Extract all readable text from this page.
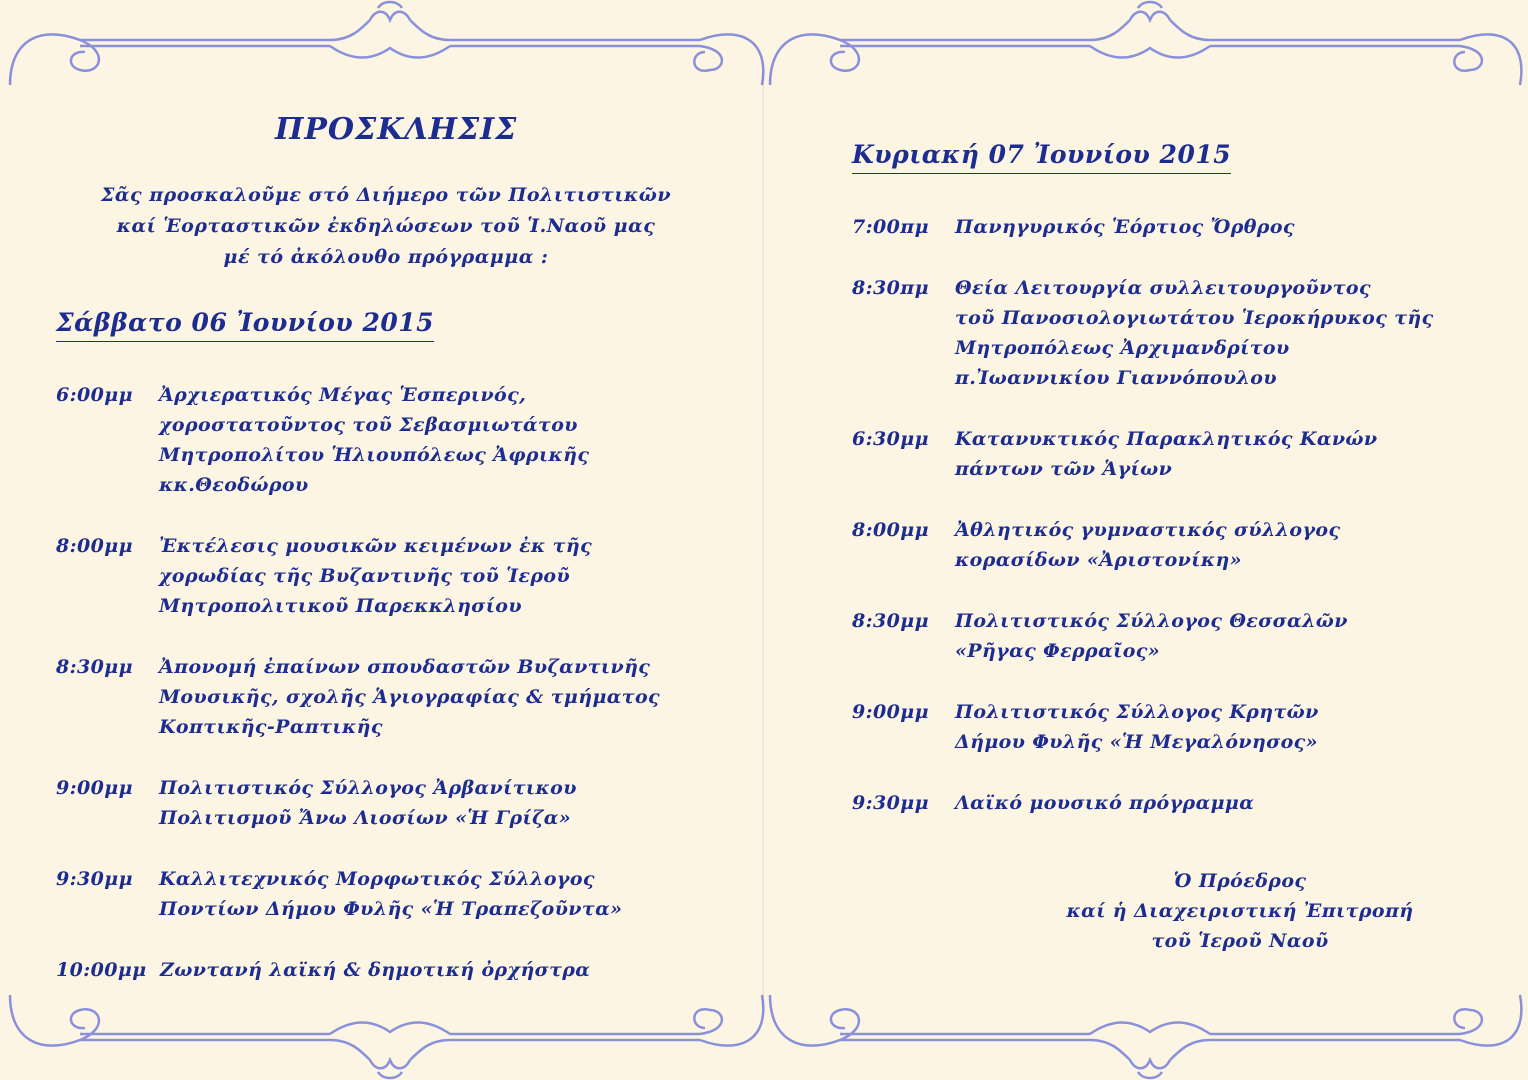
ΠΡΟΣΚΛΗΣΙΣ
Σᾶς προσκαλοῦμε στό Διήμερο τῶν Πολιτιστικῶν
καί Ἑορταστικῶν ἐκδηλώσεων τοῦ Ἱ.Ναοῦ μας
μέ τό ἀκόλουθο πρόγραμμα :
Σάββατο 06 Ἰουνίου 2015
6:00μμ	Ἀρχιερατικός Μέγας Ἑσπερινός,
χοροστατοῦντος τοῦ Σεβασμιωτάτου
Μητροπολίτου Ἡλιουπόλεως Ἀφρικῆς
κκ.Θεοδώρου
8:00μμ	Ἐκτέλεσις μουσικῶν κειμένων ἐκ τῆς
χορωδίας τῆς Βυζαντινῆς τοῦ Ἱεροῦ
Μητροπολιτικοῦ Παρεκκλησίου
8:30μμ	Ἀπονομή ἐπαίνων σπουδαστῶν Βυζαντινῆς
Μουσικῆς, σχολῆς Ἁγιογραφίας & τμήματος
Κοπτικῆς-Ραπτικῆς
9:00μμ	Πολιτιστικός Σύλλογος Ἀρβανίτικου
Πολιτισμοῦ Ἄνω Λιοσίων «Ἡ Γρίζα»
9:30μμ	Καλλιτεχνικός Μορφωτικός Σύλλογος
Ποντίων Δήμου Φυλῆς «Ἡ Τραπεζοῦντα»
10:00μμ Ζωντανή λαϊκή & δημοτική ὀρχήστρα
Κυριακή 07 Ἰουνίου 2015
7:00πμ	Πανηγυρικός Ἑόρτιος Ὄρθρος
8:30πμ	Θεία Λειτουργία συλλειτουργοῦντος
τοῦ Πανοσιολογιωτάτου Ἱεροκήρυκος τῆς
Μητροπόλεως Ἀρχιμανδρίτου
π.Ἰωαννικίου Γιαννόπουλου
6:30μμ	Κατανυκτικός Παρακλητικός Κανών
πάντων τῶν Ἁγίων
8:00μμ	Ἀθλητικός γυμναστικός σύλλογος
κορασίδων «Ἀριστονίκη»
8:30μμ	Πολιτιστικός Σύλλογος Θεσσαλῶν
«Ρῆγας Φερραῖος»
9:00μμ	Πολιτιστικός Σύλλογος Κρητῶν
Δήμου Φυλῆς «Ἡ Μεγαλόνησος»
9:30μμ	Λαϊκό μουσικό πρόγραμμα
Ὁ Πρόεδρος
καί ἡ Διαχειριστική Ἐπιτροπή
τοῦ Ἱεροῦ Ναοῦ
